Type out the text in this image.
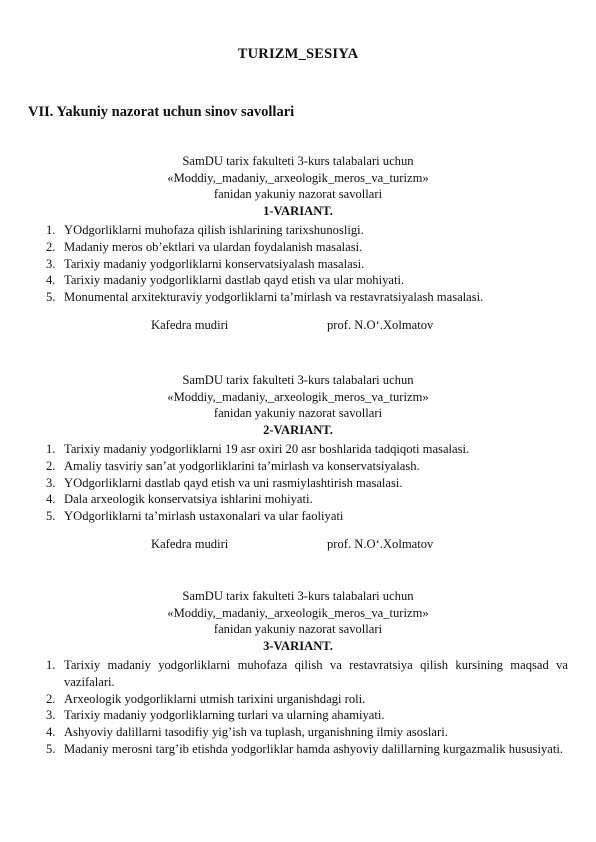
TURIZM_SESIYA
VII. Yakuniy nazorat uchun sinov savollari
SamDU tarix fakulteti 3-kurs talabalari uchun
«Moddiy,_madaniy,_arxeologik_meros_va_turizm»
fanidan yakuniy nazorat savollari
1-VARIANT.
1. YOdgorliklarni muhofaza qilish ishlarining tarixshunosligi.
2. Madaniy meros ob’ektlari va ulardan foydalanish masalasi.
3. Tarixiy madaniy yodgorliklarni konservatsiyalash masalasi.
4. Tarixiy madaniy yodgorliklarni dastlab qayd etish va ular mohiyati.
5. Monumental arxitekturaviy yodgorliklarni ta’mirlash va restavratsiyalash masalasi.
Kafedra mudiri	prof. N.O‘.Xolmatov
SamDU tarix fakulteti 3-kurs talabalari uchun
«Moddiy,_madaniy,_arxeologik_meros_va_turizm»
fanidan yakuniy nazorat savollari
2-VARIANT.
1. Tarixiy madaniy yodgorliklarni 19 asr oxiri 20 asr boshlarida tadqiqoti masalasi.
2. Amaliy tasviriy san’at yodgorliklarini ta’mirlash va konservatsiyalash.
3. YOdgorliklarni dastlab qayd etish va uni rasmiylashtirish masalasi.
4. Dala arxeologik konservatsiya ishlarini mohiyati.
5. YOdgorliklarni ta’mirlash ustaxonalari va ular faoliyati
Kafedra mudiri	prof. N.O‘.Xolmatov
SamDU tarix fakulteti 3-kurs talabalari uchun
«Moddiy,_madaniy,_arxeologik_meros_va_turizm»
fanidan yakuniy nazorat savollari
3-VARIANT.
1. Tarixiy madaniy yodgorliklarni muhofaza qilish va restavratsiya qilish kursining maqsad va vazifalari.
2. Arxeologik yodgorliklarni utmish tarixini urganishdagi roli.
3. Tarixiy madaniy yodgorliklarning turlari va ularning ahamiyati.
4. Ashyoviy dalillarni tasodifiy yig’ish va tuplash, urganishning ilmiy asoslari.
5. Madaniy merosni targ’ib etishda yodgorliklar hamda ashyoviy dalillarning kurgazmalik hususiyati.
